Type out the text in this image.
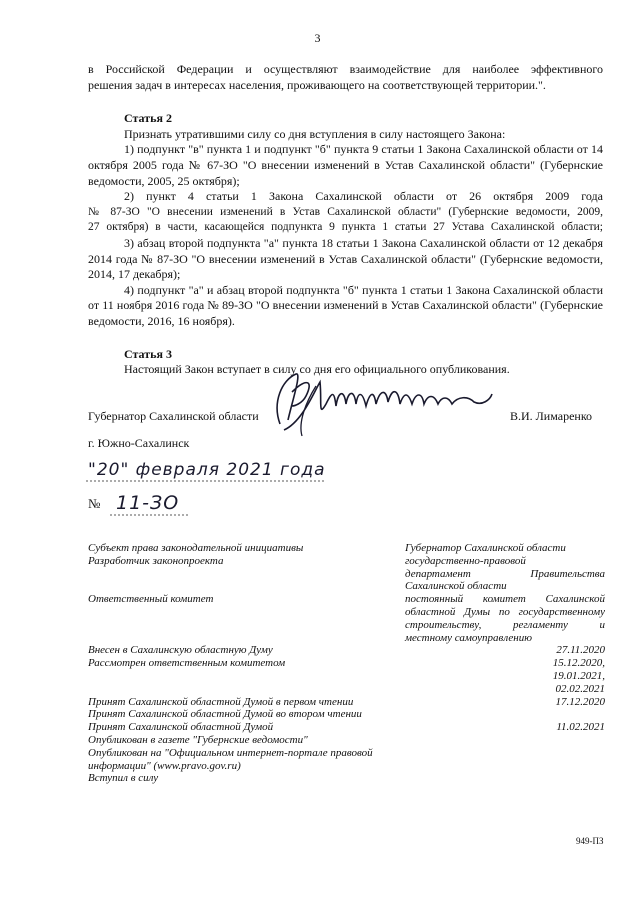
3

в Российской Федерации и осуществляют взаимодействие для наиболее эффективного

решения задач в интересах населения, проживающего на соответствующей территории.".

Статья 2

Признать утратившими силу со дня вступления в силу настоящего Закона:

1) подпункт "в" пункта 1 и подпункт "б" пункта 9 статьи 1 Закона Сахалинской области от 14 октября 2005 года № 67-ЗО "О внесении изменений в Устав Сахалинской области" (Губернские ведомости, 2005, 25 октября);

2) пункт 4 статьи 1 Закона Сахалинской области от 26 октября 2009 года

№ 87-ЗО "О внесении изменений в Устав Сахалинской области" (Губернские ведомости, 2009,

27 октября) в части, касающейся подпункта 9 пункта 1 статьи 27 Устава Сахалинской области;

3) абзац второй подпункта "а" пункта 18 статьи 1 Закона Сахалинской области от 12 декабря 2014 года № 87-ЗО "О внесении изменений в Устав Сахалинской области" (Губернские ведомости, 2014, 17 декабря);

4) подпункт "а" и абзац второй подпункта "б" пункта 1 статьи 1 Закона Сахалинской области от 11 ноября 2016 года № 89-ЗО "О внесении изменений в Устав Сахалинской области" (Губернские ведомости, 2016, 16 ноября).

Статья 3

Настоящий Закон вступает в силу со дня его официального опубликования.

Губернатор Сахалинской области	В.И. Лимаренко
г. Южно-Сахалинск
"20" февраля 2021 года
№ 11-ЗО
Субъект права законодательной инициативы
Разработчик законопроекта
Ответственный комитет
Внесен в Сахалинскую областную Думу
Рассмотрен ответственным комитетом
Принят Сахалинской областной Думой в первом чтении
Принят Сахалинской областной Думой во втором чтении
Принят Сахалинской областной Думой
Опубликован в газете "Губернские ведомости"
Опубликован на "Официальном интернет-портале правовой
информации" (www.pravo.gov.ru)
Вступил в силу
Губернатор Сахалинской области
государственно-правовой
департамент Правительства
Сахалинской области
постоянный комитет Сахалинской
областной Думы по государственному
строительству, регламенту и
местному самоуправлению
27.11.2020
15.12.2020,
19.01.2021,
02.02.2021
17.12.2020
11.02.2021
949-ПЗ
